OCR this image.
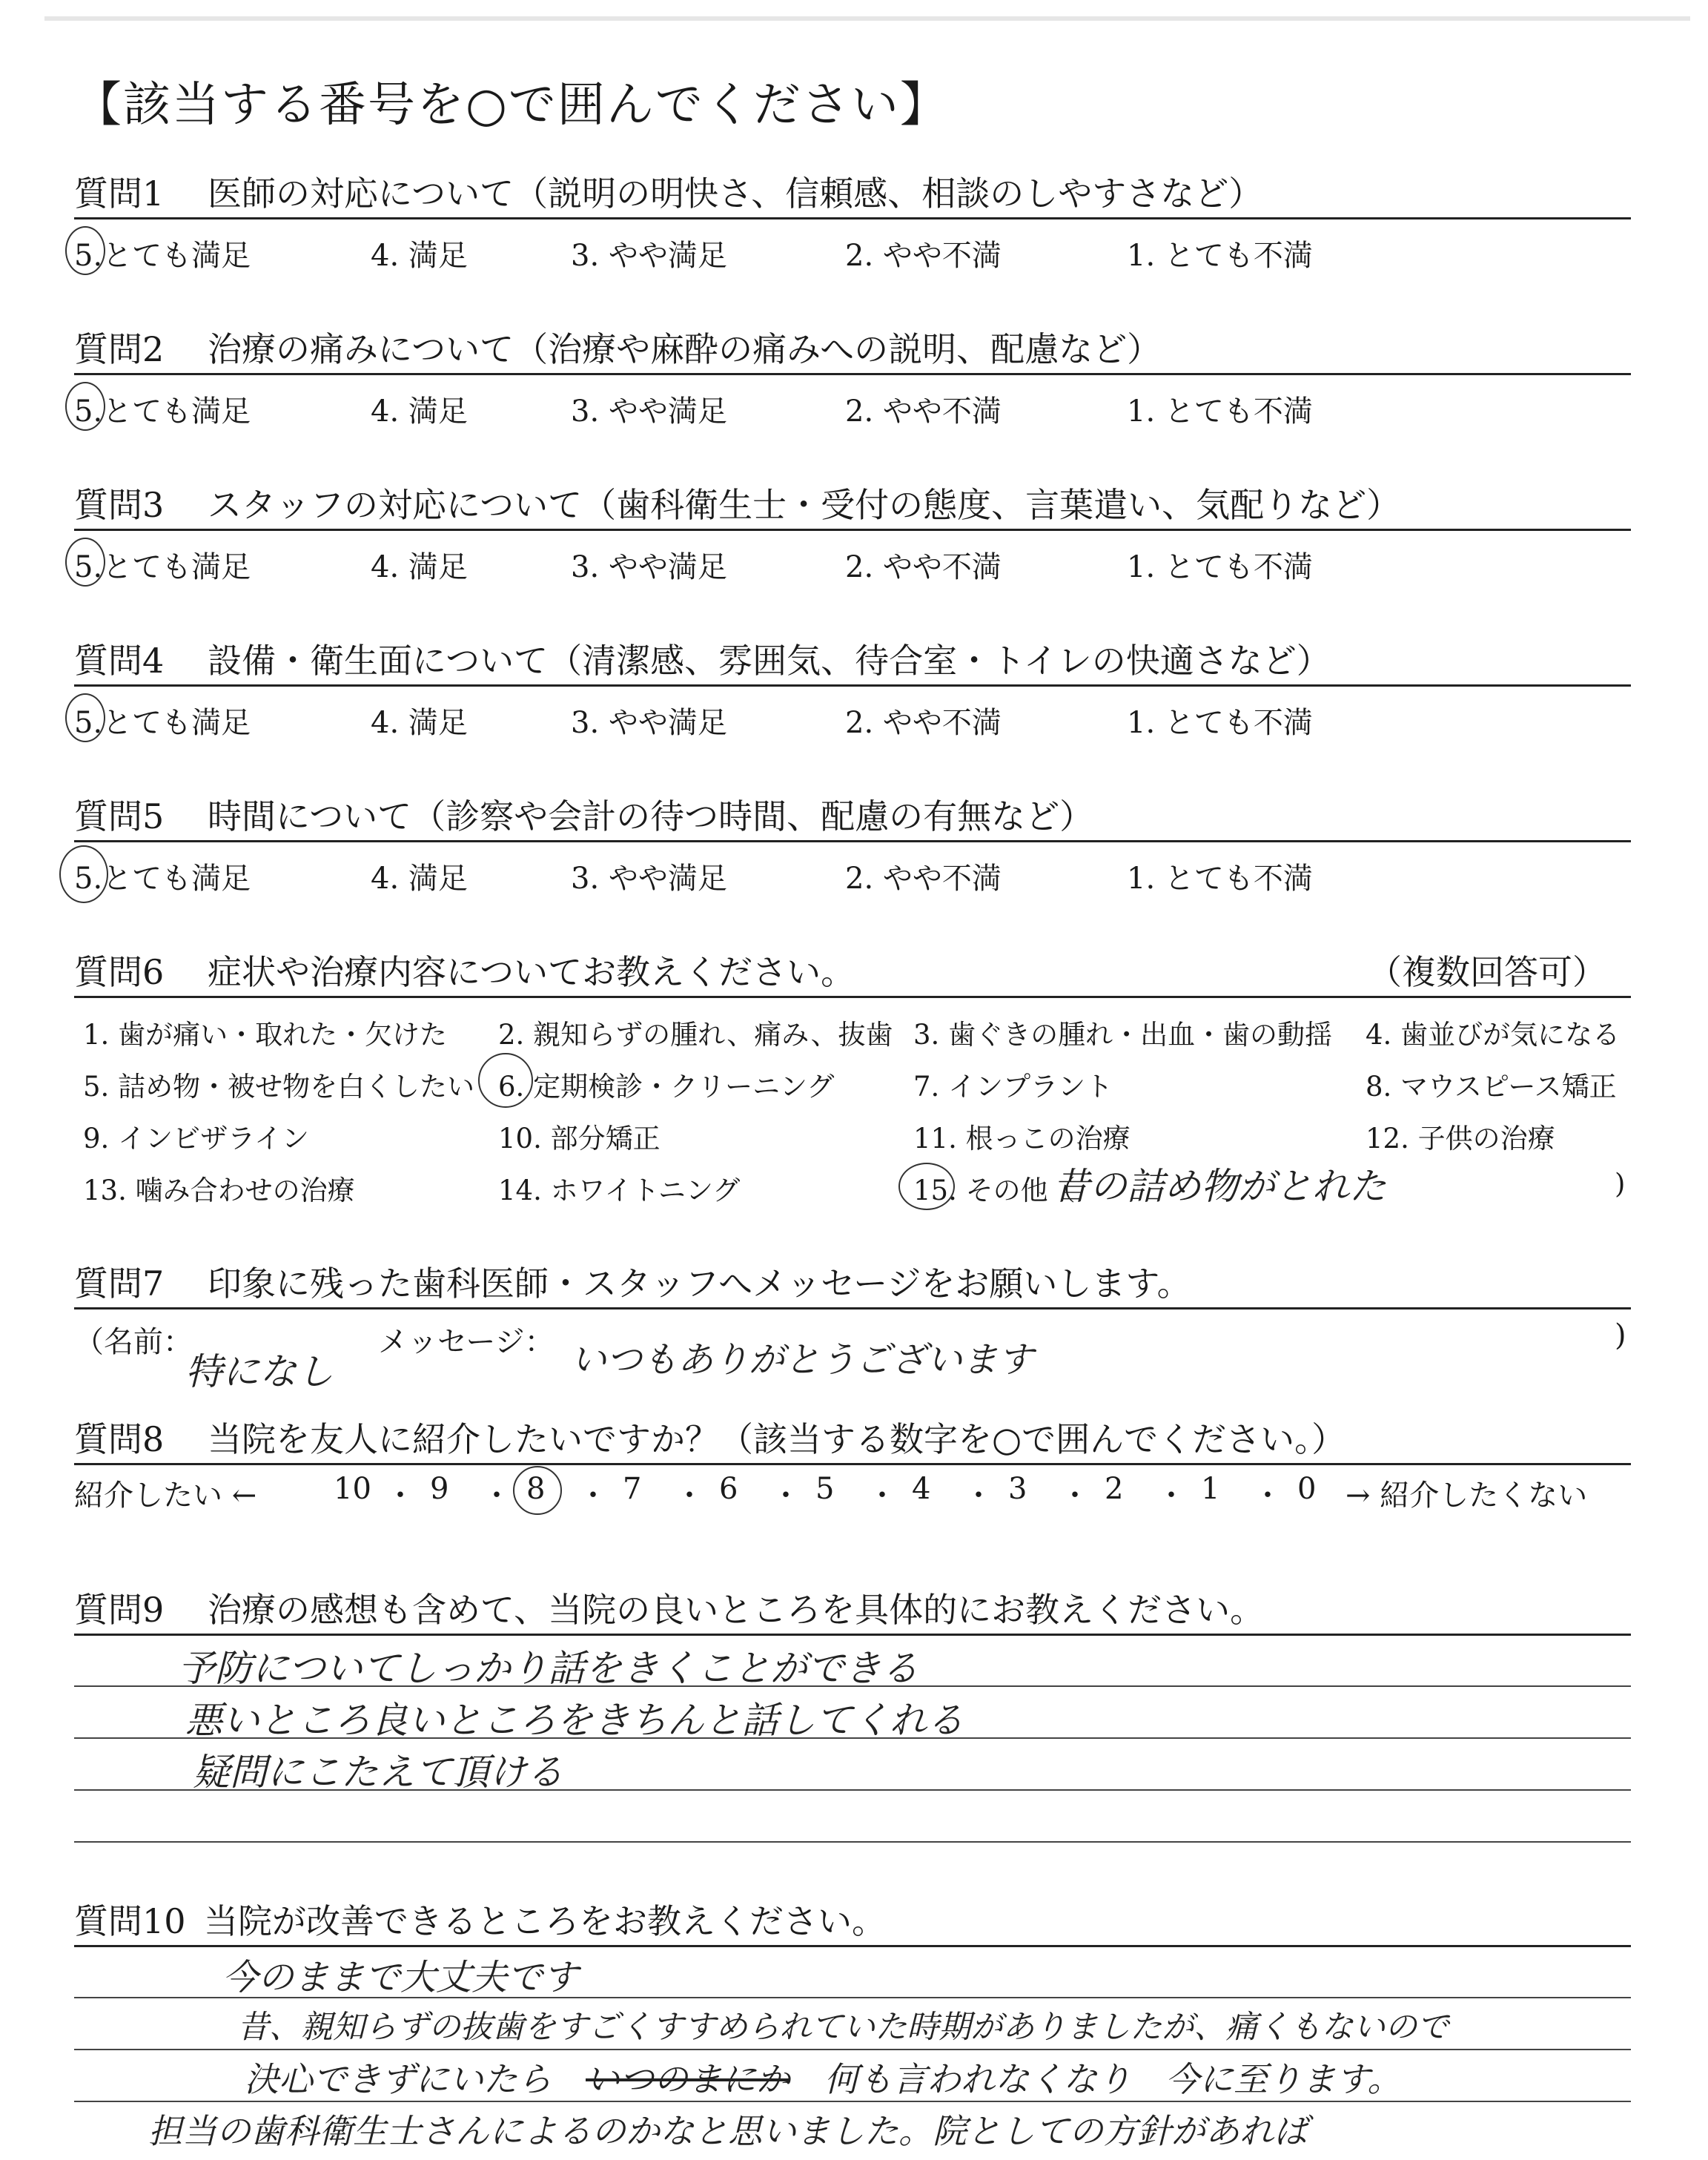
【該当する番号を○で囲んでください】
質問1 医師の対応について（説明の明快さ、信頼感、相談のしやすさなど）
5.とても満足	4. 満足	3. やや満足	2. やや不満	1. とても不満
質問2 治療の痛みについて（治療や麻酔の痛みへの説明、配慮など）
5.とても満足	4. 満足	3. やや満足	2. やや不満	1. とても不満
質問3 スタッフの対応について（歯科衛生士・受付の態度、言葉遣い、気配りなど）
5.とても満足	4. 満足	3. やや満足	2. やや不満	1. とても不満
質問4 設備・衛生面について（清潔感、雰囲気、待合室・トイレの快適さなど）
5.とても満足	4. 満足	3. やや満足	2. やや不満	1. とても不満
質問5 時間について（診察や会計の待つ時間、配慮の有無など）
5.とても満足	4. 満足	3. やや満足	2. やや不満	1. とても不満
質問6 症状や治療内容についてお教えください。	（複数回答可）
1. 歯が痛い・取れた・欠けた 2. 親知らずの腫れ、痛み、抜歯 3. 歯ぐきの腫れ・出血・歯の動揺 4. 歯並びが気になる
5. 詰め物・被せ物を白くしたい 6. 定期検診・クリーニング	7. インプラント	8. マウスピース矯正
9. インビザライン	10. 部分矯正	11. 根っこの治療	12. 子供の治療
13. 噛み合わせの治療	14. ホワイトニング	15. その他（	)
昔の詰め物がとれた
質問7 印象に残った歯科医師・スタッフへメッセージをお願いします。
（名前：	メッセージ：	)
特になし	いつもありがとうございます
質問8 当院を友人に紹介したいですか？（該当する数字を○で囲んでください。）
紹介したい ←	10 ・ 9 ・ 8 ・ 7 ・ 6 ・ 5 ・ 4 ・ 3 ・ 2 ・ 1 ・ 0 → 紹介したくない
質問9 治療の感想も含めて、当院の良いところを具体的にお教えください。
予防についてしっかり話をきくことができる
悪いところ良いところをきちんと話してくれる
疑問にこたえて頂ける
質問10 当院が改善できるところをお教えください。
今のままで大丈夫です
昔、親知らずの抜歯をすごくすすめられていた時期がありましたが、痛くもないので
決心できずにいたら　 いつのまにか　 何も言われなくなり　今に至ります。
担当の歯科衛生士さんによるのかなと思いました。院としての方針があれば
